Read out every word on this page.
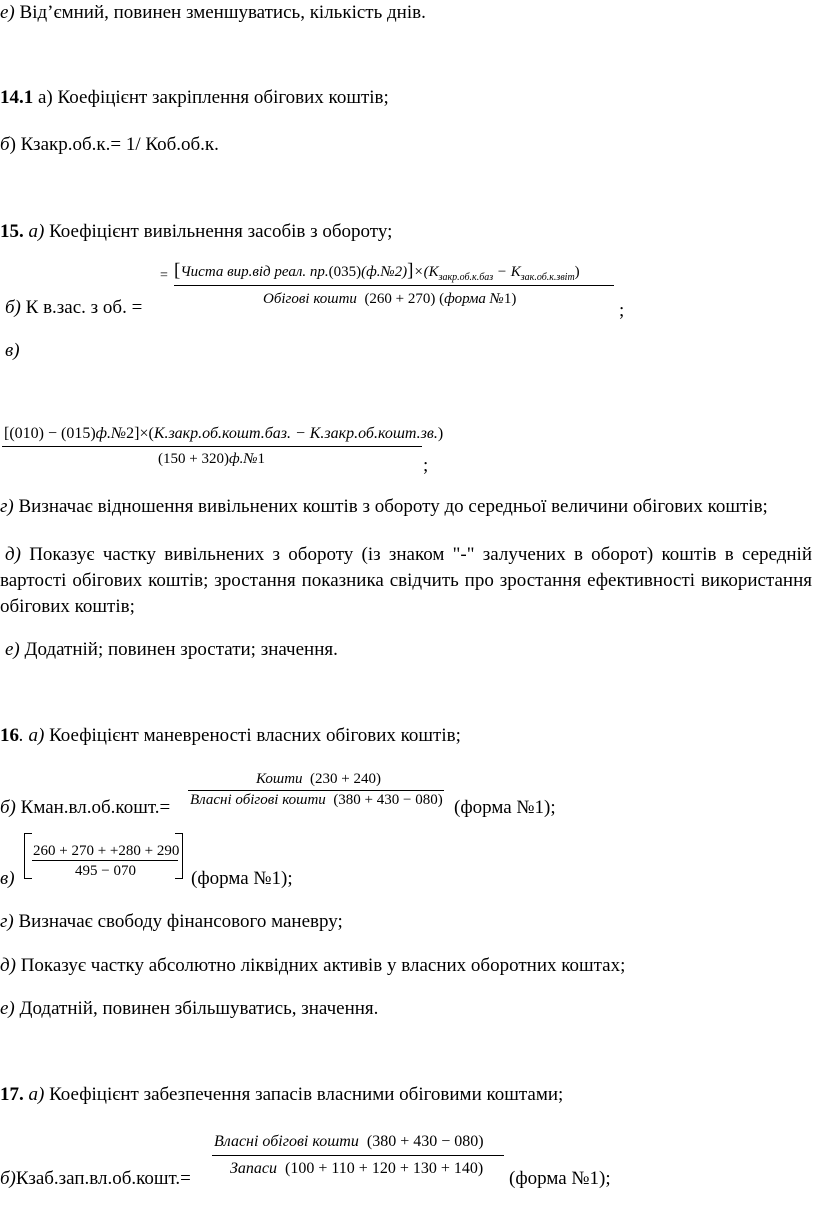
е) Від’ємний, повинен зменшуватись, кількість днів.
14.1 а) Коефіцієнт закріплення обігових коштів;
б) Кзакр.об.к.= 1/ Коб.об.к.
15. а) Коефіцієнт вивільнення засобів з обороту;
= [Чиста вир.від реал. $пр.(035)(ф.№2)]\times(К_{закр.об.к.баз} - К_{зак.об.к.звіт})$
Обігові кошти (260 + 270) (форма №1)
б) К в.зас. з об. =	;
в)
[(010) − (015)ф.№2]×(К.закр.об.кошт.баз. − К.закр.об.кошт.зв.)
(150 + 320)ф.№1	;
г) Визначає відношення вивільнених коштів з обороту до середньої величини обігових коштів;
д) Показує частку вивільнених з обороту (із знаком "-" залучених в оборот) коштів в середній вартості обігових коштів; зростання показника свідчить про зростання ефективності використання обігових коштів;
е) Додатній; повинен зростати; значення.
16. а) Коефіцієнт маневреності власних обігових коштів;
Кошти (230 + 240)
Власні обігові кошти (380 + 430 − 080)
б) Кман.вл.об.кошт.=	(форма №1);
260 + 270 + +280 + 290
495 − 070
в)	(форма №1);
г) Визначає свободу фінансового маневру;
д) Показує частку абсолютно ліквідних активів у власних оборотних коштах;
е) Додатній, повинен збільшуватись, значення.
17. а) Коефіцієнт забезпечення запасів власними обіговими коштами;
Власні обігові кошти (380 + 430 − 080)
Запаси (100 + 110 + 120 + 130 + 140)
б)Кзаб.зап.вл.об.кошт.=	(форма №1);
